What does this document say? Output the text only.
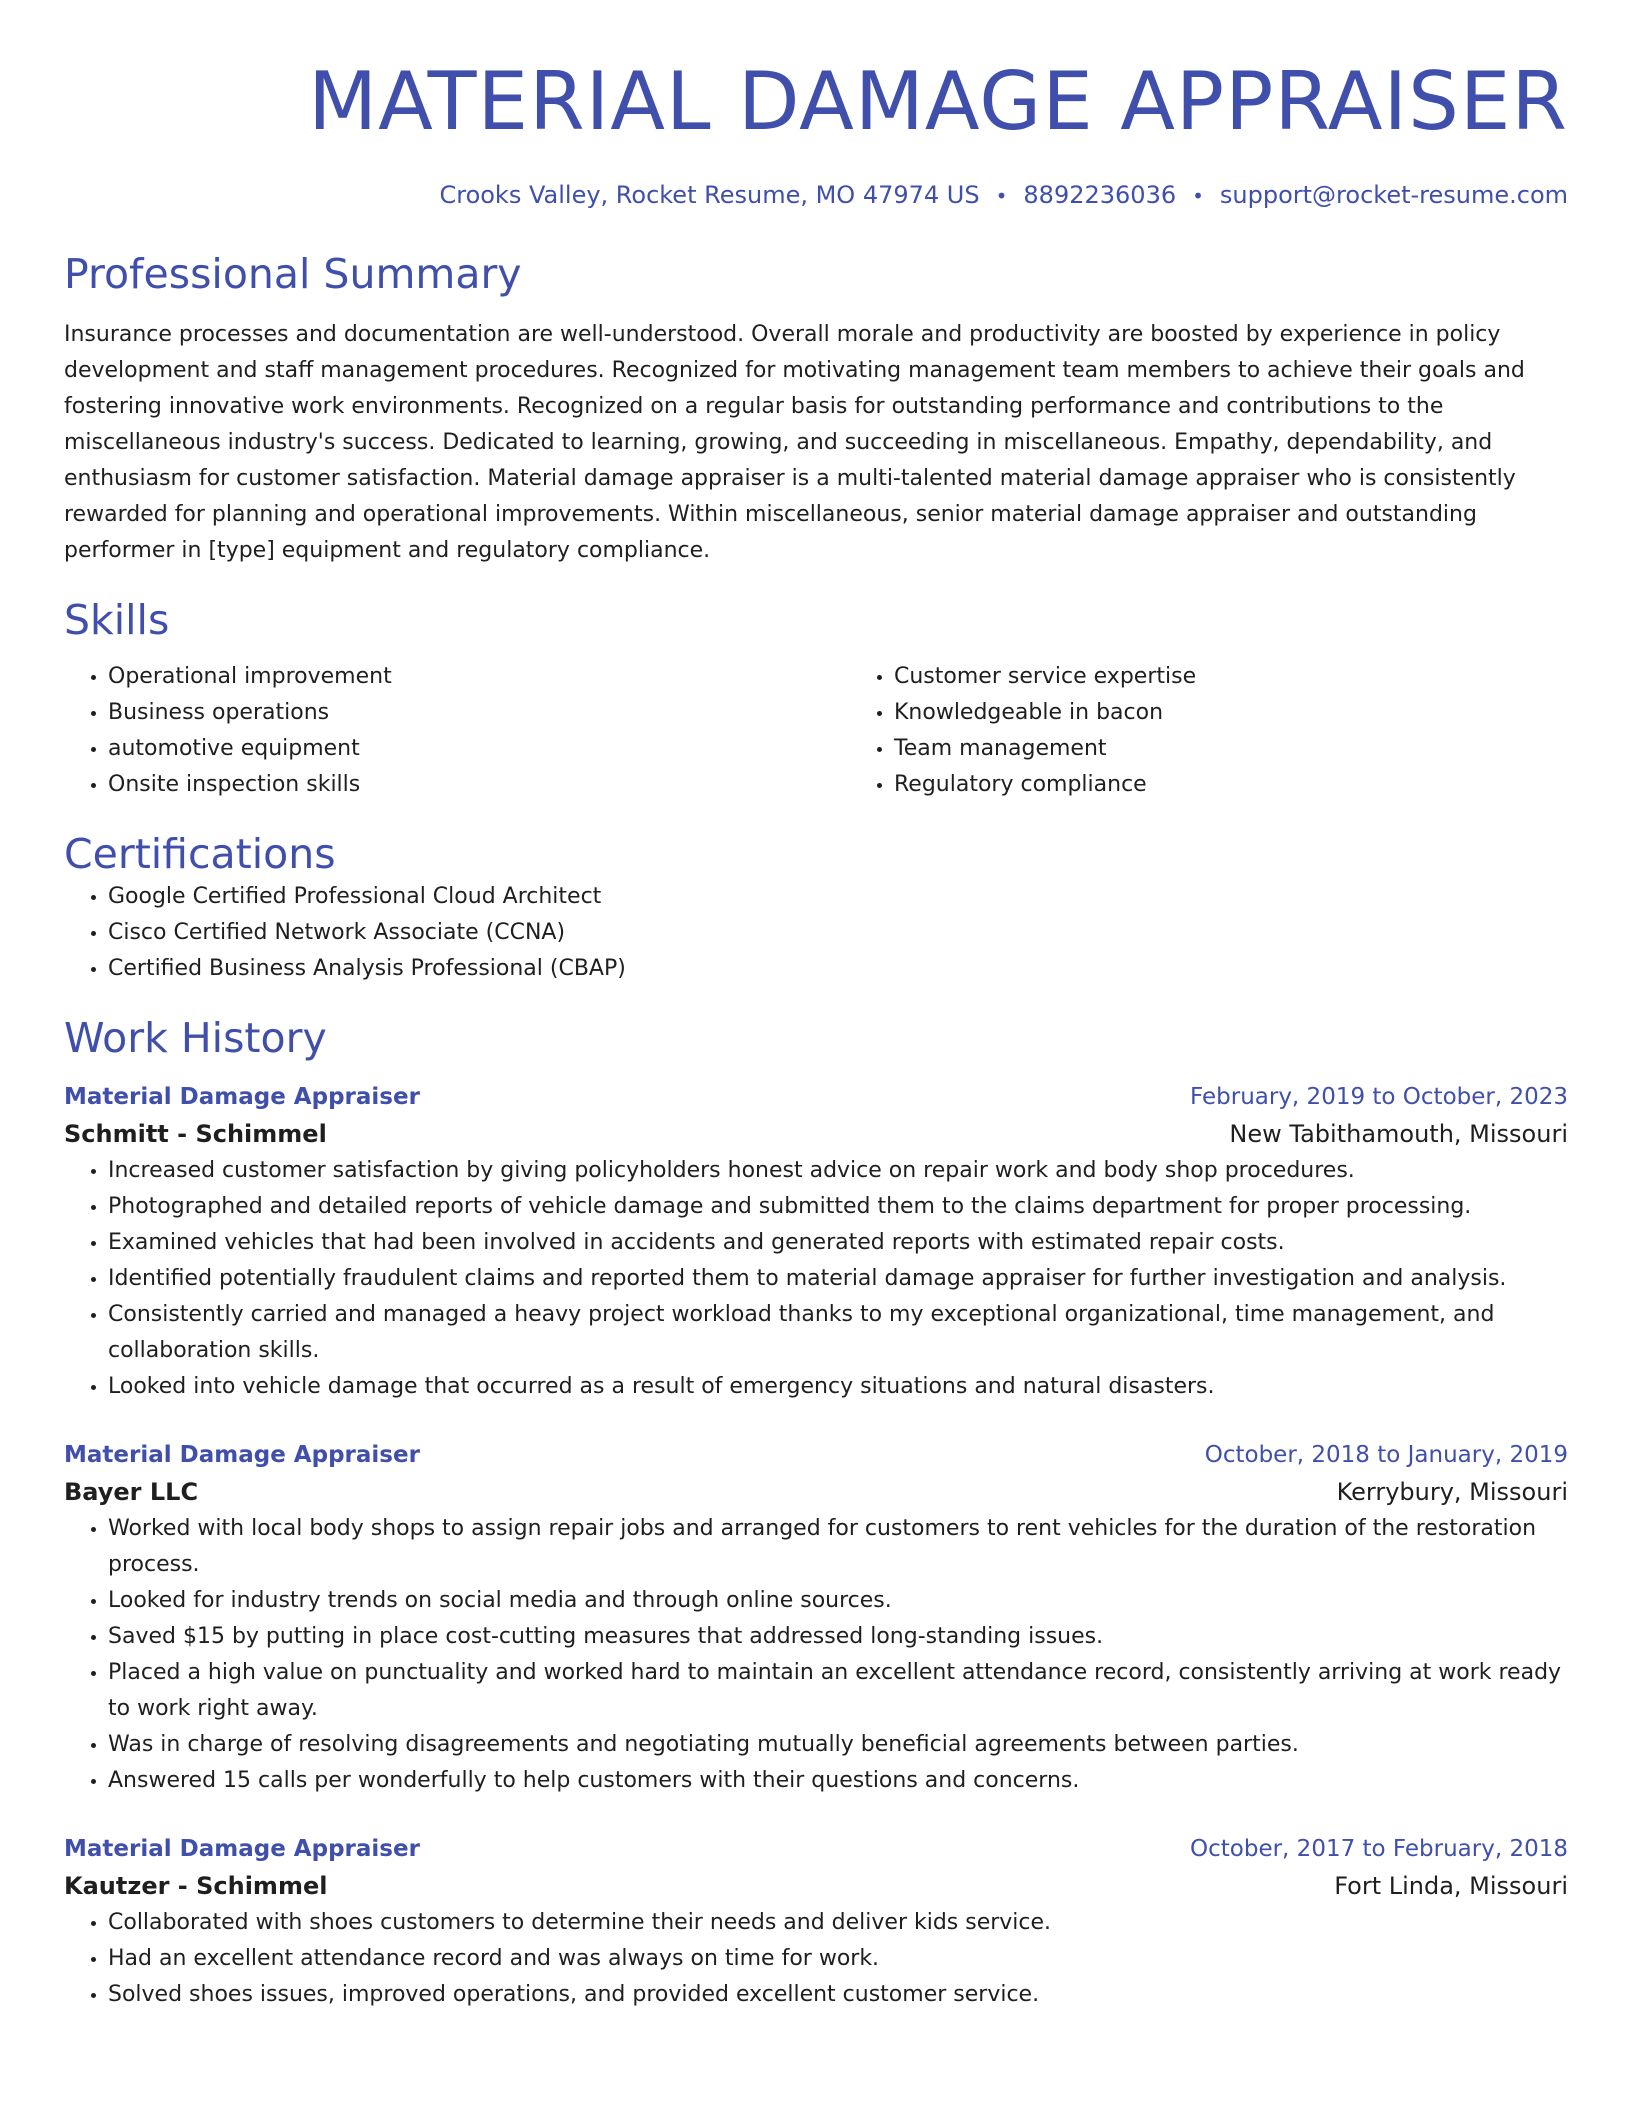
MATERIAL DAMAGE APPRAISER
Crooks Valley, Rocket Resume, MO 47974 US • 8892236036 • support@rocket-resume.com
Professional Summary

Insurance processes and documentation are well-understood. Overall morale and productivity are boosted by experience in policy development and staff management procedures. Recognized for motivating management team members to achieve their goals and fostering innovative work environments. Recognized on a regular basis for outstanding performance and contributions to the miscellaneous industry's success. Dedicated to learning, growing, and succeeding in miscellaneous. Empathy, dependability, and enthusiasm for customer satisfaction. Material damage appraiser is a multi-talented material damage appraiser who is consistently rewarded for planning and operational improvements. Within miscellaneous, senior material damage appraiser and outstanding performer in [type] equipment and regulatory compliance.

Skills
• Operational improvement
• Business operations
• automotive equipment
• Onsite inspection skills
• Customer service expertise
• Knowledgeable in bacon
• Team management
• Regulatory compliance
Certifications
• Google Certified Professional Cloud Architect
• Cisco Certified Network Associate (CCNA)
• Certified Business Analysis Professional (CBAP)
Work History
Material Damage Appraiser	February, 2019 to October, 2023
Schmitt - Schimmel	New Tabithamouth, Missouri
• Increased customer satisfaction by giving policyholders honest advice on repair work and body shop procedures.
• Photographed and detailed reports of vehicle damage and submitted them to the claims department for proper processing.
• Examined vehicles that had been involved in accidents and generated reports with estimated repair costs.
• Identified potentially fraudulent claims and reported them to material damage appraiser for further investigation and analysis.
• Consistently carried and managed a heavy project workload thanks to my exceptional organizational, time management, and collaboration skills.
• Looked into vehicle damage that occurred as a result of emergency situations and natural disasters.
Material Damage Appraiser	October, 2018 to January, 2019
Bayer LLC	Kerrybury, Missouri
• Worked with local body shops to assign repair jobs and arranged for customers to rent vehicles for the duration of the restoration process.
• Looked for industry trends on social media and through online sources.
• Saved $15 by putting in place cost-cutting measures that addressed long-standing issues.
• Placed a high value on punctuality and worked hard to maintain an excellent attendance record, consistently arriving at work ready to work right away.
• Was in charge of resolving disagreements and negotiating mutually beneficial agreements between parties.
• Answered 15 calls per wonderfully to help customers with their questions and concerns.
Material Damage Appraiser	October, 2017 to February, 2018
Kautzer - Schimmel	Fort Linda, Missouri
• Collaborated with shoes customers to determine their needs and deliver kids service.
• Had an excellent attendance record and was always on time for work.
• Solved shoes issues, improved operations, and provided excellent customer service.
